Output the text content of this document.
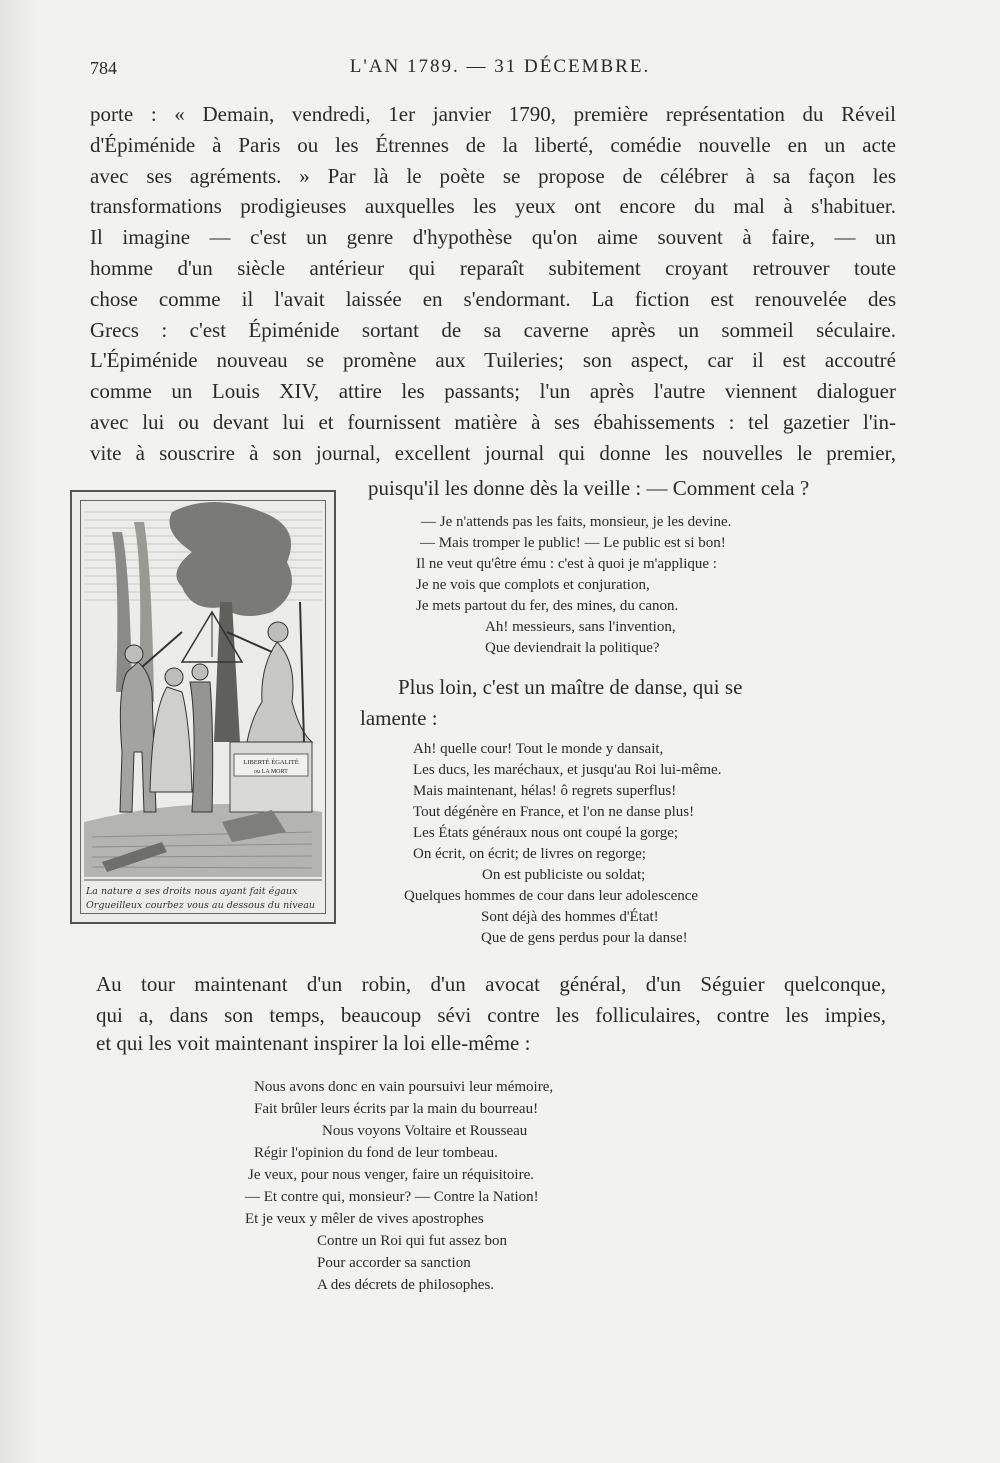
784	L'AN 1789. — 31 DÉCEMBRE.
porte : « Demain, vendredi, 1er janvier 1790, première représentation du Réveil
d'Épiménide à Paris ou les Étrennes de la liberté, comédie nouvelle en un acte
avec ses agréments. » Par là le poète se propose de célébrer à sa façon les
transformations prodigieuses auxquelles les yeux ont encore du mal à s'habituer.
Il imagine — c'est un genre d'hypothèse qu'on aime souvent à faire, — un
homme d'un siècle antérieur qui reparaît subitement croyant retrouver toute
chose comme il l'avait laissée en s'endormant. La fiction est renouvelée des
Grecs : c'est Épiménide sortant de sa caverne après un sommeil séculaire.
L'Épiménide nouveau se promène aux Tuileries; son aspect, car il est accoutré
comme un Louis XIV, attire les passants; l'un après l'autre viennent dialoguer
avec lui ou devant lui et fournissent matière à ses ébahissements : tel gazetier l'in-
vite à souscrire à son journal, excellent journal qui donne les nouvelles le premier,
puisqu'il les donne dès la veille : — Comment cela ?
LIBERTÉ ÉGALITÉ
ou LA MORT
La nature a ses droits nous ayant fait égaux
Orgueilleux courbez vous au dessous du niveau
— Je n'attends pas les faits, monsieur, je les devine.
— Mais tromper le public! — Le public est si bon!
Il ne veut qu'être ému : c'est à quoi je m'applique :
Je ne vois que complots et conjuration,
Je mets partout du fer, des mines, du canon.
Ah! messieurs, sans l'invention,
Que deviendrait la politique?
Plus loin, c'est un maître de danse, qui se
lamente :
Ah! quelle cour! Tout le monde y dansait,
Les ducs, les maréchaux, et jusqu'au Roi lui-même.
Mais maintenant, hélas! ô regrets superflus!
Tout dégénère en France, et l'on ne danse plus!
Les États généraux nous ont coupé la gorge;
On écrit, on écrit; de livres on regorge;
On est publiciste ou soldat;
Quelques hommes de cour dans leur adolescence
Sont déjà des hommes d'État!
Que de gens perdus pour la danse!
Au tour maintenant d'un robin, d'un avocat général, d'un Séguier quelconque,
qui a, dans son temps, beaucoup sévi contre les folliculaires, contre les impies,
et qui les voit maintenant inspirer la loi elle-même :
Nous avons donc en vain poursuivi leur mémoire,
Fait brûler leurs écrits par la main du bourreau!
Nous voyons Voltaire et Rousseau
Régir l'opinion du fond de leur tombeau.
Je veux, pour nous venger, faire un réquisitoire.
— Et contre qui, monsieur? — Contre la Nation!
Et je veux y mêler de vives apostrophes
Contre un Roi qui fut assez bon
Pour accorder sa sanction
A des décrets de philosophes.
